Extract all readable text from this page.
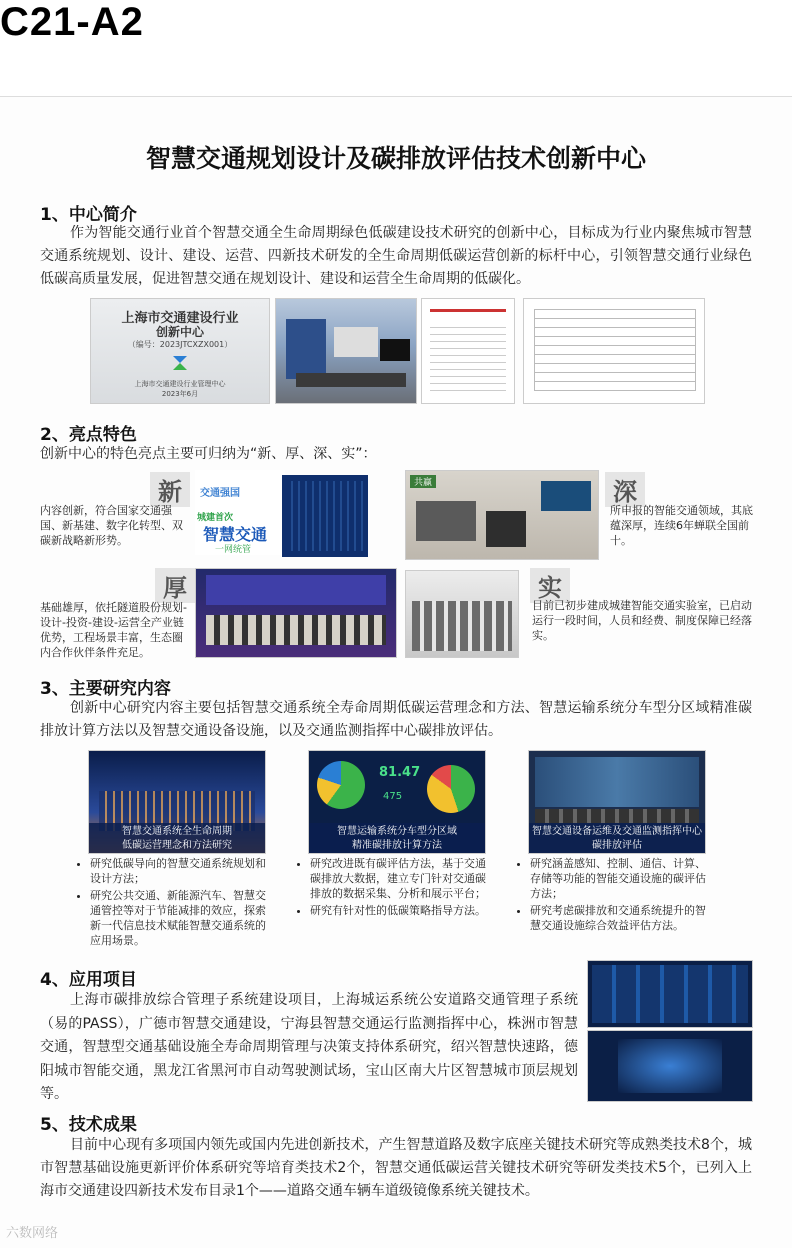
C21-A2
智慧交通规划设计及碳排放评估技术创新中心
1、中心简介
作为智能交通行业首个智慧交通全生命周期绿色低碳建设技术研究的创新中心，目标成为行业内聚焦城市智慧交通系统规划、设计、建设、运营、四新技术研发的全生命周期低碳运营创新的标杆中心，引领智慧交通行业绿色低碳高质量发展，促进智慧交通在规划设计、建设和运营全生命周期的低碳化。
上海市交通建设行业
创新中心
（编号：2023JTCXZX001）
上海市交通建设行业管理中心
2023年6月
2、亮点特色
创新中心的特色亮点主要可归纳为“新、厚、深、实”：
新
内容创新，符合国家交通强国、新基建、数字化转型、双碳新战略新形势。
交通强国
城建首次
智慧交通
一网统管
共赢	深
所申报的智能交通领域，其底蕴深厚，连续6年蝉联全国前十。
厚
基础雄厚，依托隧道股份规划-设计-投资-建设-运营全产业链优势，工程场景丰富，生态圈内合作伙伴条件充足。
实
目前已初步建成城建智能交通实验室，已启动运行一段时间，人员和经费、制度保障已经落实。
3、主要研究内容
创新中心研究内容主要包括智慧交通系统全寿命周期低碳运营理念和方法、智慧运输系统分车型分区域精准碳排放计算方法以及智慧交通设备设施，以及交通监测指挥中心碳排放评估。
智慧交通系统全生命周期
低碳运营理念和方法研究
• 研究低碳导向的智慧交通系统规划和设计方法；
• 研究公共交通、新能源汽车、智慧交通管控等对于节能减排的效应，探索新一代信息技术赋能智慧交通系统的应用场景。
81.47
475
智慧运输系统分车型分区域
精准碳排放计算方法
• 研究改进既有碳评估方法，基于交通碳排放大数据，建立专门针对交通碳排放的数据采集、分析和展示平台；
• 研究有针对性的低碳策略指导方法。
智慧交通设备运维及交通监测指挥中心
碳排放评估
• 研究涵盖感知、控制、通信、计算、存储等功能的智能交通设施的碳评估方法；
• 研究考虑碳排放和交通系统提升的智慧交通设施综合效益评估方法。
4、应用项目
上海市碳排放综合管理子系统建设项目，上海城运系统公安道路交通管理子系统（易的PASS），广德市智慧交通建设，宁海县智慧交通运行监测指挥中心，株洲市智慧交通，智慧型交通基础设施全寿命周期管理与决策支持体系研究，绍兴智慧快速路，德阳城市智能交通，黑龙江省黑河市自动驾驶测试场，宝山区南大片区智慧城市顶层规划等。
5、技术成果
目前中心现有多项国内领先或国内先进创新技术，产生智慧道路及数字底座关键技术研究等成熟类技术8个，城市智慧基础设施更新评价体系研究等培育类技术2个，智慧交通低碳运营关键技术研究等研发类技术5个，已列入上海市交通建设四新技术发布目录1个——道路交通车辆车道级镜像系统关键技术。
六数网络
